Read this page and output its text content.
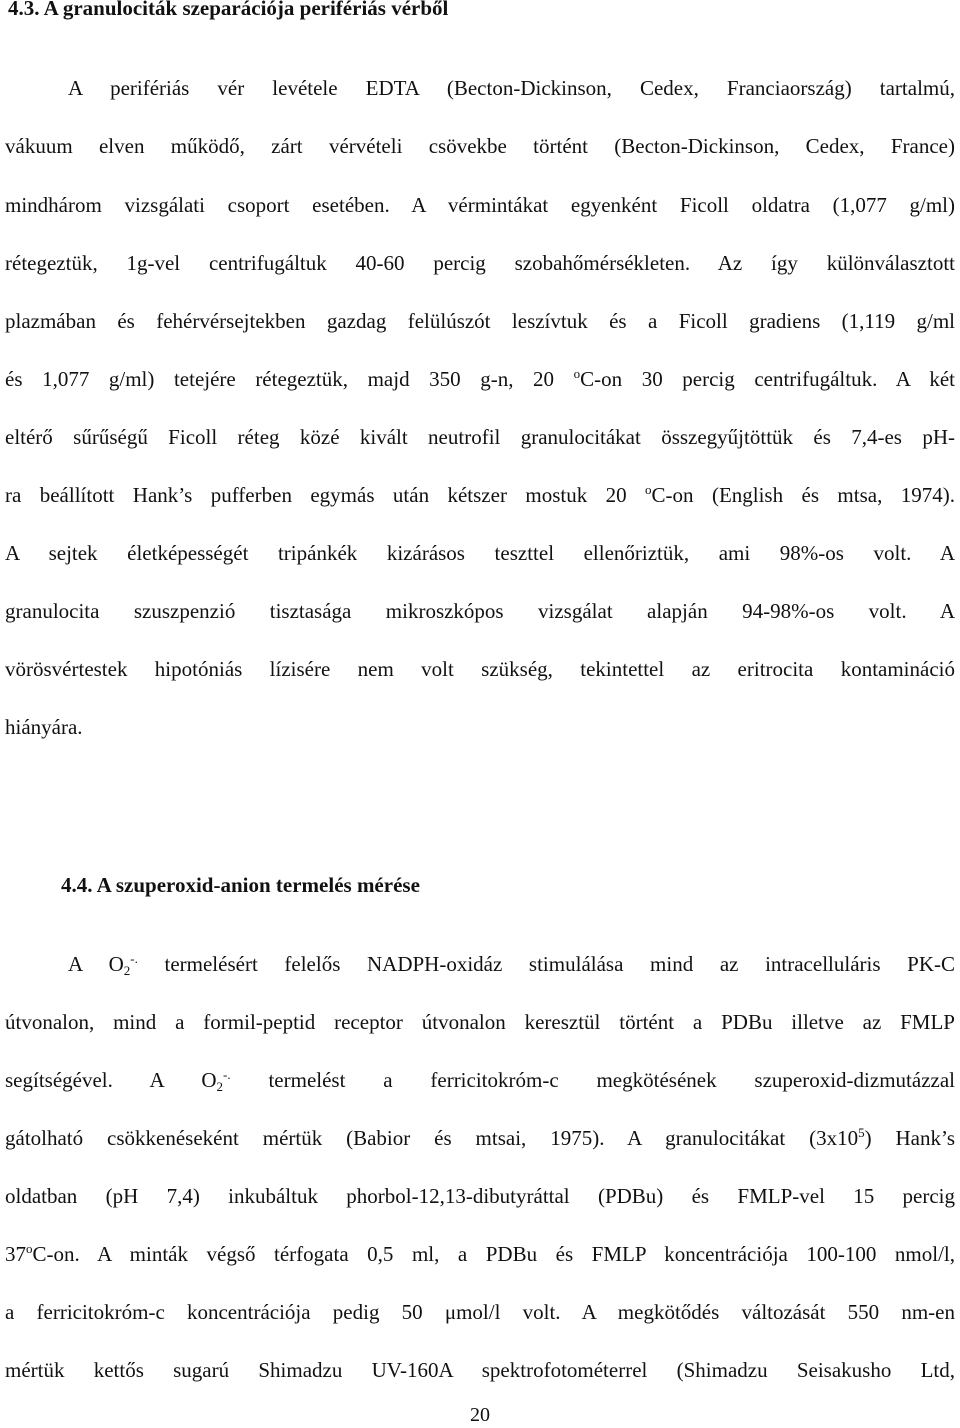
4.3. A granulociták szeparációja perifériás vérből
A perifériás vér levétele EDTA (Becton-Dickinson, Cedex, Franciaország) tartalmú,
vákuum elven működő, zárt vérvételi csövekbe történt (Becton-Dickinson, Cedex, France)
mindhárom vizsgálati csoport esetében. A vérmintákat egyenként Ficoll oldatra (1,077 g/ml)
rétegeztük, 1g-vel centrifugáltuk 40-60 percig szobahőmérsékleten. Az így különválasztott
plazmában és fehérvérsejtekben gazdag felülúszót leszívtuk és a Ficoll gradiens (1,119 g/ml
és 1,077 g/ml) tetejére rétegeztük, majd 350 g-n, 20 $^o$C-on 30 percig centrifugáltuk. A két
eltérő sűrűségű Ficoll réteg közé kivált neutrofil granulocitákat összegyűjtöttük és 7,4-es pH-
ra beállított Hank’s pufferben egymás után kétszer mostuk 20 $^o$C-on (English és mtsa, 1974).
A sejtek életképességét tripánkék kizárásos teszttel ellenőriztük, ami 98%-os volt. A
granulocita szuszpenzió tisztasága mikroszkópos vizsgálat alapján 94-98%-os volt. A
vörösvértestek hipotóniás lízisére nem volt szükség, tekintettel az eritrocita kontamináció
hiányára.
4.4. A szuperoxid-anion termelés mérése
A $O_2^{-.}$ termelésért felelős NADPH-oxidáz stimulálása mind az intracelluláris PK-C
útvonalon, mind a formil-peptid receptor útvonalon keresztül történt a PDBu illetve az FMLP
segítségével. A $O_2^{-.}$ termelést a ferricitokróm-c megkötésének szuperoxid-dizmutázzal
gátolható csökkenéseként mértük (Babior és mtsai, 1975). A granulocitákat $(3x10^5)$ Hank’s
oldatban (pH 7,4) inkubáltuk phorbol-12,13-dibutyráttal (PDBu) és FMLP-vel 15 percig
37$^o$C-on. A minták végső térfogata 0,5 ml, a PDBu és FMLP koncentrációja 100-100 nmol/l,
a ferricitokróm-c koncentrációja pedig 50 μmol/l volt. A megkötődés változását 550 nm-en
mértük kettős sugarú Shimadzu UV-160A spektrofotométerrel (Shimadzu Seisakusho Ltd,
20
